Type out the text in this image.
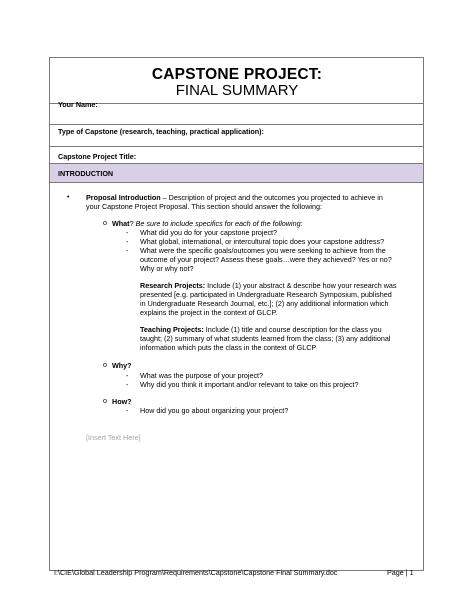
CAPSTONE PROJECT:
FINAL SUMMARY
Your Name:
Type of Capstone (research, teaching, practical application):
Capstone Project Title:
INTRODUCTION
• Proposal Introduction – Description of project and the outcomes you projected to achieve in
your Capstone Project Proposal. This section should answer the following:
o What? Be sure to include specifics for each of the following:
- What did you do for your capstone project?
- What global, international, or intercultural topic does your capstone address?
- What were the specific goals/outcomes you were seeking to achieve from the
outcome of your project? Assess these goals…were they achieved? Yes or no?
Why or why not?
Research Projects: Include (1) your abstract & describe how your research was
presented [e.g. participated in Undergraduate Research Symposium, published
in Undergraduate Research Journal, etc.]; (2) any additional information which
explains the project in the context of GLCP.
Teaching Projects: Include (1) title and course description for the class you
taught; (2) summary of what students learned from the class; (3) any additional
information which puts the class in the context of GLCP
o Why?
- What was the purpose of your project?
- Why did you think it important and/or relevant to take on this project?
o How?
- How did you go about organizing your project?
[Insert Text Here]
I:\CIE\Global Leadership Program\Requirements\Capstone\Capstone Final Summary.doc	Page | 1
